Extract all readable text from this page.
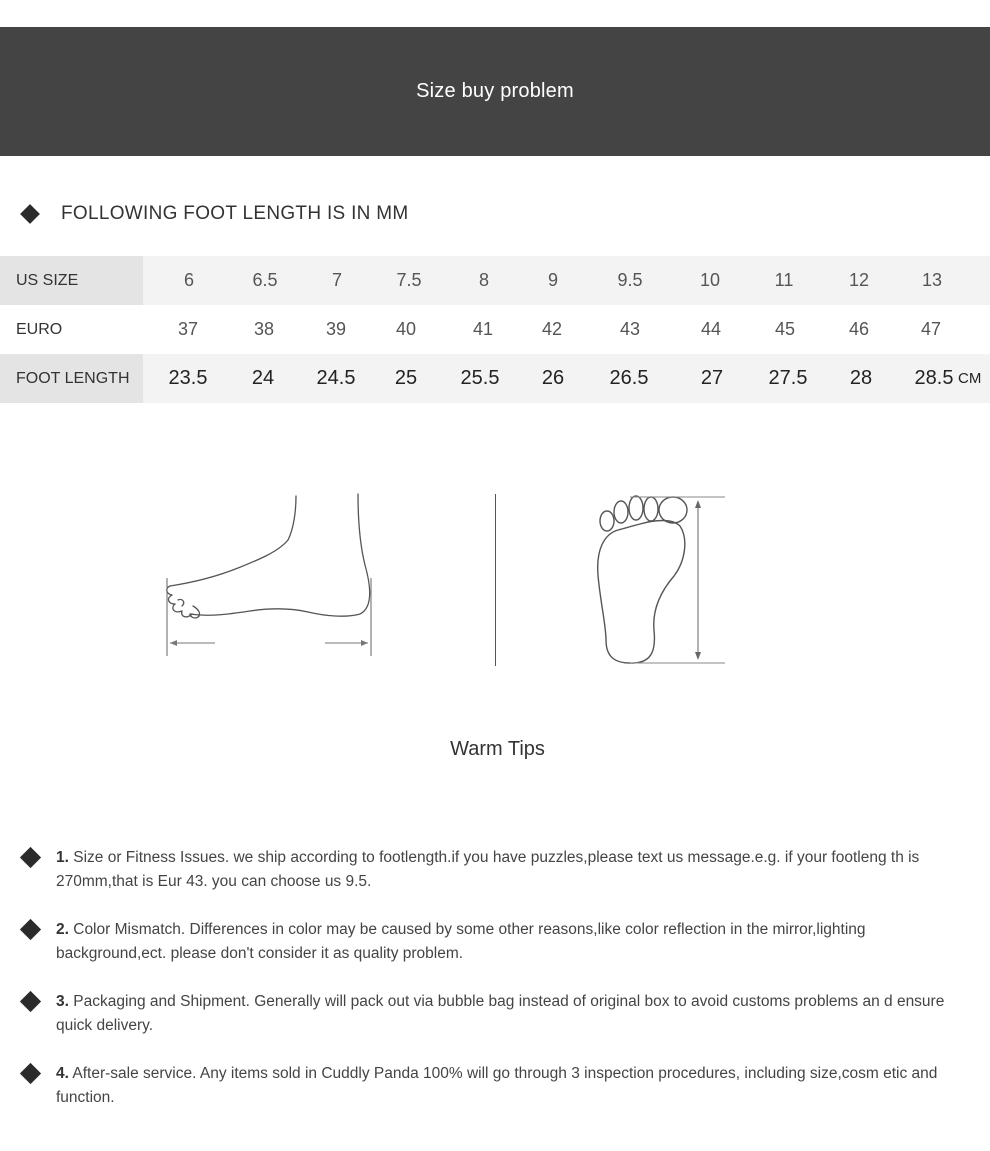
Size buy problem
FOLLOWING FOOT LENGTH IS IN MM
US SIZE	6	6.5	7	7.5	8	9	9.5	10	11	12	13
EURO	37	38	39	40	41	42	43	44	45	46	47
FOOT LENGTH	23.5	24	24.5	25	25.5	26	26.5	27	27.5	28	28.5 CM
Warm Tips
1. Size or Fitness Issues. we ship according to footlength.if you have puzzles,please text us message.e.g. if your footleng th is 270mm,that is Eur 43. you can choose us 9.5.
2. Color Mismatch. Differences in color may be caused by some other reasons,like color reflection in the mirror,lighting background,ect. please don't consider it as quality problem.
3. Packaging and Shipment. Generally will pack out via bubble bag instead of original box to avoid customs problems an d ensure quick delivery.
4. After-sale service. Any items sold in Cuddly Panda 100% will go through 3 inspection procedures, including size,cosm etic and function.
